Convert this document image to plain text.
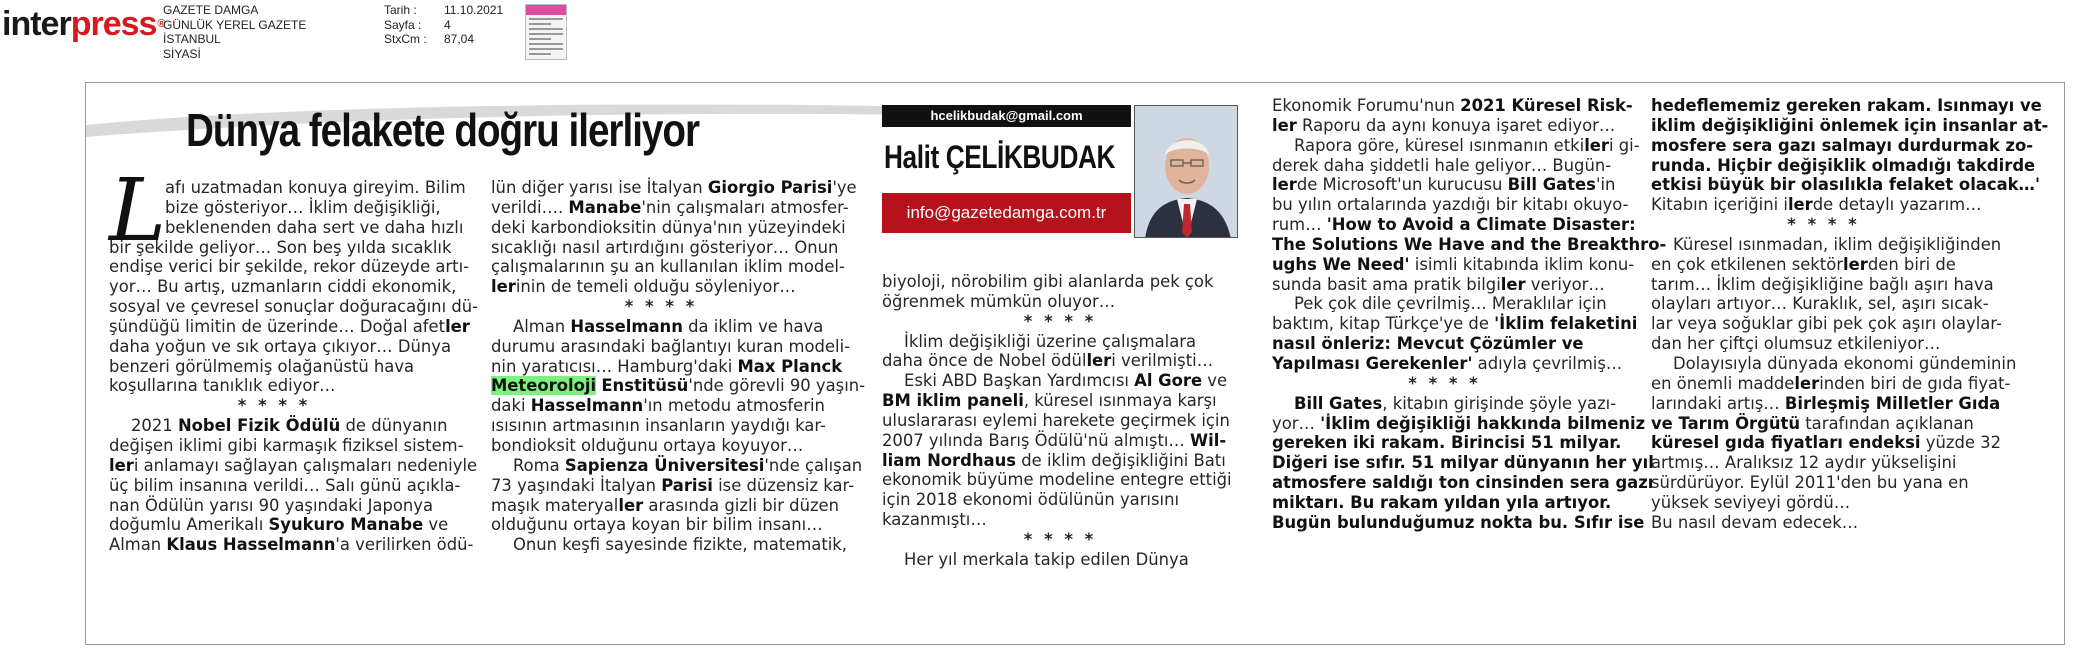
interpress®
GAZETE DAMGA
GÜNLÜK YEREL GAZETE
İSTANBUL
SİYASİ
Tarih :	11.10.2021
Sayfa :	4
StxCm :	87,04
Dünya felakete doğru ilerliyor
L
afı uzatmadan konuya gireyim. Bilim
bize gösteriyor… İklim değişikliği,
beklenenden daha sert ve daha hızlı
bir şekilde geliyor… Son beş yılda sıcaklık
endişe verici bir şekilde, rekor düzeyde artı-
yor… Bu artış, uzmanların ciddi ekonomik,
sosyal ve çevresel sonuçlar doğuracağını dü-
şündüğü limitin de üzerinde… Doğal afetler
daha yoğun ve sık ortaya çıkıyor… Dünya
benzeri görülmemiş olağanüstü hava
koşullarına tanıklık ediyor…
* * * *
2021 Nobel Fizik Ödülü de dünyanın
değişen iklimi gibi karmaşık fiziksel sistem-
leri anlamayı sağlayan çalışmaları nedeniyle
üç bilim insanına verildi… Salı günü açıkla-
nan Ödülün yarısı 90 yaşındaki Japonya
doğumlu Amerikalı Syukuro Manabe ve
Alman Klaus Hasselmann'a verilirken ödü-
lün diğer yarısı ise İtalyan Giorgio Parisi'ye
verildi…. Manabe'nin çalışmaları atmosfer-
deki karbondioksitin dünya'nın yüzeyindeki
sıcaklığı nasıl artırdığını gösteriyor… Onun
çalışmalarının şu an kullanılan iklim model-
lerinin de temeli olduğu söyleniyor…
* * * *
Alman Hasselmann da iklim ve hava
durumu arasındaki bağlantıyı kuran modeli-
nin yaratıcısı… Hamburg'daki Max Planck
Meteoroloji Enstitüsü'nde görevli 90 yaşın-
daki Hasselmann'ın metodu atmosferin
ısısının artmasının insanların yaydığı kar-
bondioksit olduğunu ortaya koyuyor…
Roma Sapienza Üniversitesi'nde çalışan
73 yaşındaki İtalyan Parisi ise düzensiz kar-
maşık materyaller arasında gizli bir düzen
olduğunu ortaya koyan bir bilim insanı…
Onun keşfi sayesinde fizikte, matematik,
biyoloji, nörobilim gibi alanlarda pek çok
öğrenmek mümkün oluyor…
* * * *
İklim değişikliği üzerine çalışmalara
daha önce de Nobel ödülleri verilmişti…
Eski ABD Başkan Yardımcısı Al Gore ve
BM iklim paneli, küresel ısınmaya karşı
uluslararası eylemi harekete geçirmek için
2007 yılında Barış Ödülü'nü almıştı… Wil-
liam Nordhaus de iklim değişikliğini Batı
ekonomik büyüme modeline entegre ettiği
için 2018 ekonomi ödülünün yarısını
kazanmıştı…
* * * *
Her yıl merkala takip edilen Dünya
Ekonomik Forumu'nun 2021 Küresel Risk-
ler Raporu da aynı konuya işaret ediyor…
Rapora göre, küresel ısınmanın etkileri gi-
derek daha şiddetli hale geliyor… Bugün-
lerde Microsoft'un kurucusu Bill Gates'in
bu yılın ortalarında yazdığı bir kitabı okuyo-
rum… 'How to Avoid a Climate Disaster:
The Solutions We Have and the Breakthro-
ughs We Need' isimli kitabında iklim konu-
sunda basit ama pratik bilgiler veriyor…
Pek çok dile çevrilmiş… Meraklılar için
baktım, kitap Türkçe'ye de 'İklim felaketini
nasıl önleriz: Mevcut Çözümler ve
Yapılması Gerekenler' adıyla çevrilmiş…
* * * *
Bill Gates, kitabın girişinde şöyle yazı-
yor… 'İklim değişikliği hakkında bilmeniz
gereken iki rakam. Birincisi 51 milyar.
Diğeri ise sıfır. 51 milyar dünyanın her yıl
atmosfere saldığı ton cinsinden sera gazı
miktarı. Bu rakam yıldan yıla artıyor.
Bugün bulunduğumuz nokta bu. Sıfır ise
hedeflememiz gereken rakam. Isınmayı ve
iklim değişikliğini önlemek için insanlar at-
mosfere sera gazı salmayı durdurmak zo-
runda. Hiçbir değişiklik olmadığı takdirde
etkisi büyük bir olasılıkla felaket olacak…'
Kitabın içeriğini ilerde detaylı yazarım…
* * * *
Küresel ısınmadan, iklim değişikliğinden
en çok etkilenen sektörlerden biri de
tarım… İklim değişikliğine bağlı aşırı hava
olayları artıyor… Kuraklık, sel, aşırı sıcak-
lar veya soğuklar gibi pek çok aşırı olaylar-
dan her çiftçi olumsuz etkileniyor…
Dolayısıyla dünyada ekonomi gündeminin
en önemli maddelerinden biri de gıda fiyat-
larındaki artış… Birleşmiş Milletler Gıda
ve Tarım Örgütü tarafından açıklanan
küresel gıda fiyatları endeksi yüzde 32
artmış… Aralıksız 12 aydır yükselişini
sürdürüyor. Eylül 2011'den bu yana en
yüksek seviyeyi gördü…
Bu nasıl devam edecek…
hcelikbudak@gmail.com
Halit ÇELİKBUDAK
info@gazetedamga.com.tr
